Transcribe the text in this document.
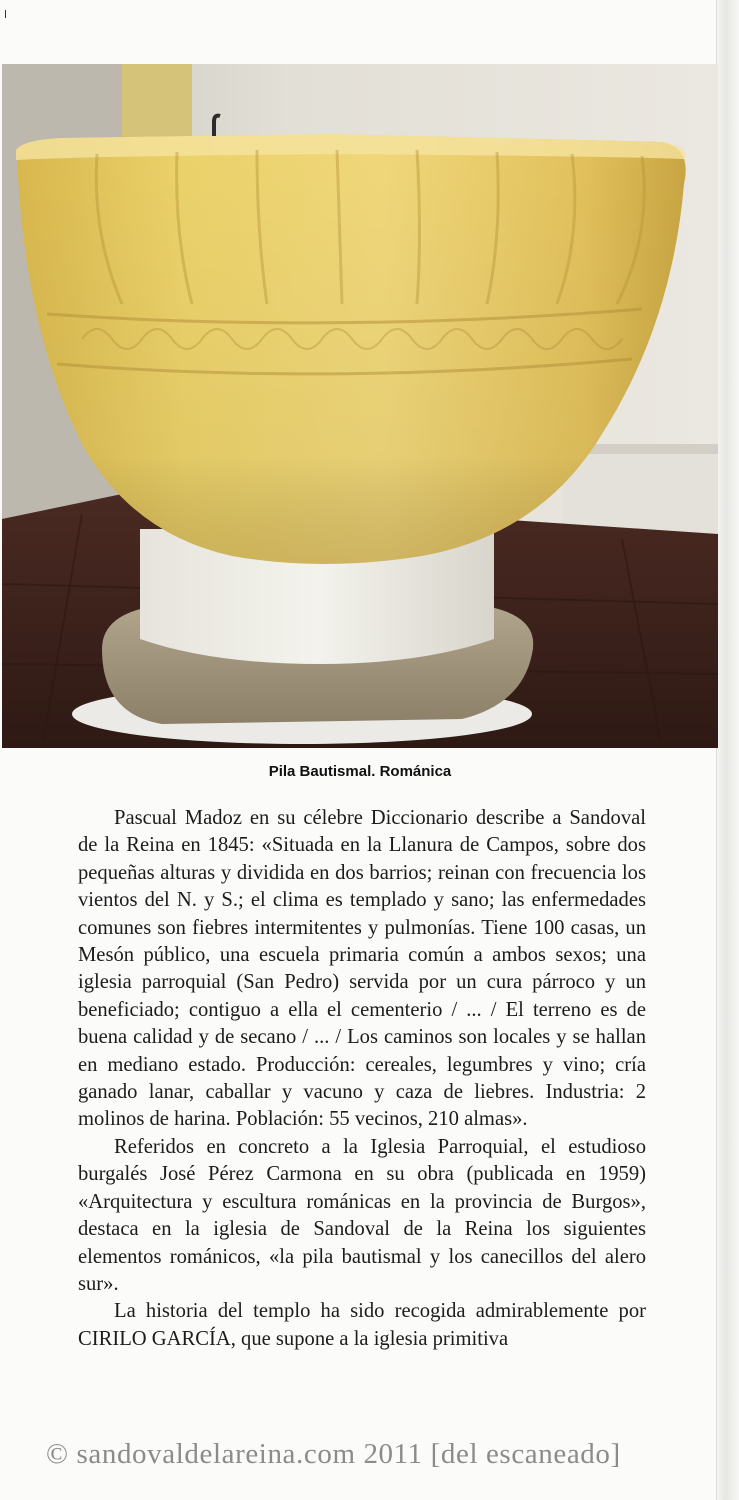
Pila Bautismal. Románica

Pascual Madoz en su célebre Diccionario describe a Sandoval de la Reina en 1845: «Situada en la Llanura de Campos, sobre dos pequeñas alturas y dividida en dos barrios; reinan con frecuencia los vientos del N. y S.; el clima es templado y sano; las enfermedades comunes son fiebres intermitentes y pulmonías. Tiene 100 casas, un Mesón público, una escuela primaria común a ambos sexos; una iglesia parroquial (San Pedro) servida por un cura párroco y un beneficiado; contiguo a ella el cementerio / ... / El terreno es de buena calidad y de secano / ... / Los caminos son locales y se hallan en mediano estado. Producción: cereales, legumbres y vino; cría ganado lanar, caballar y vacuno y caza de liebres. Industria: 2 molinos de harina. Población: 55 vecinos, 210 almas».

Referidos en concreto a la Iglesia Parroquial, el estudioso burgalés José Pérez Carmona en su obra (publicada en 1959) «Arquitectura y escultura románicas en la provincia de Burgos», destaca en la iglesia de Sandoval de la Reina los siguientes elementos románicos, «la pila bautismal y los canecillos del alero sur».

La historia del templo ha sido recogida admirablemente por CIRILO GARCÍA, que supone a la iglesia primitiva

© sandovaldelareina.com 2011 [del escaneado]
